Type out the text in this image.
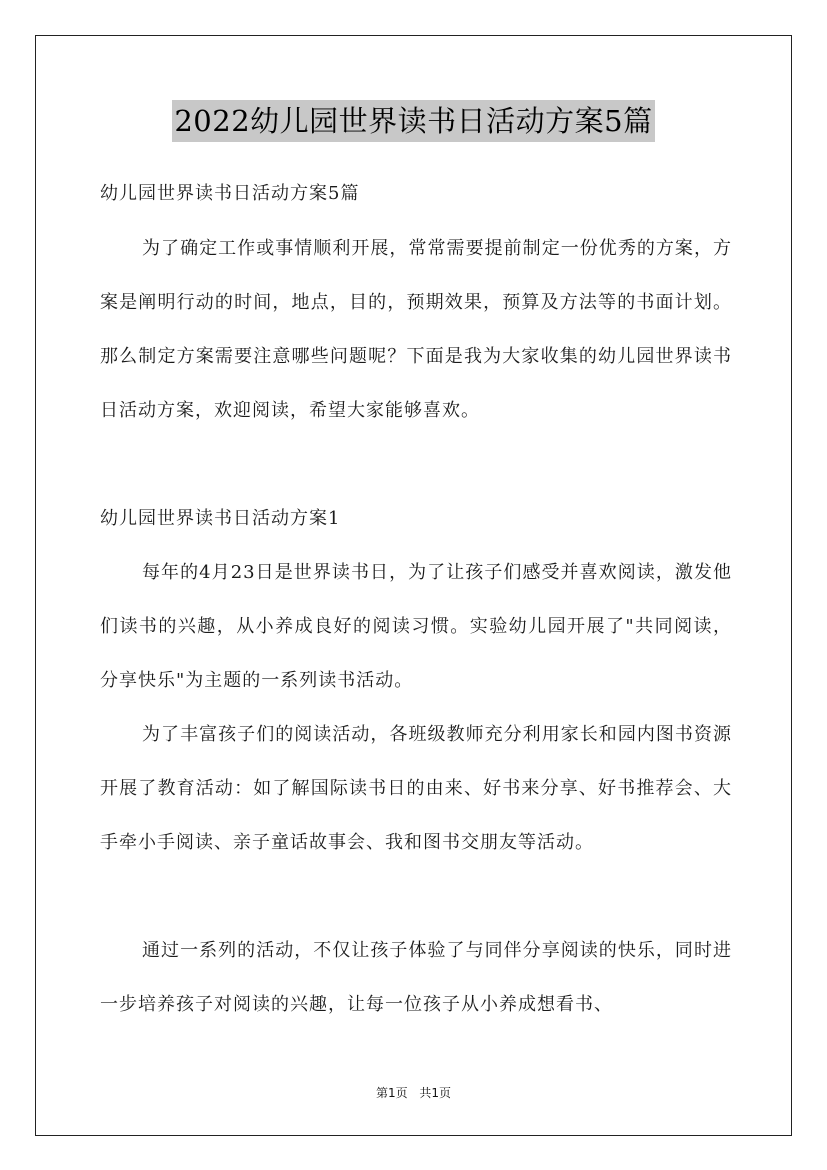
2022幼儿园世界读书日活动方案5篇

幼儿园世界读书日活动方案5篇

为了确定工作或事情顺利开展，常常需要提前制定一份优秀的方案，方案是阐明行动的时间，地点，目的，预期效果，预算及方法等的书面计划。那么制定方案需要注意哪些问题呢？下面是我为大家收集的幼儿园世界读书日活动方案，欢迎阅读，希望大家能够喜欢。

幼儿园世界读书日活动方案1

每年的4月23日是世界读书日，为了让孩子们感受并喜欢阅读，激发他们读书的兴趣，从小养成良好的阅读习惯。实验幼儿园开展了"共同阅读，分享快乐"为主题的一系列读书活动。

为了丰富孩子们的阅读活动，各班级教师充分利用家长和园内图书资源开展了教育活动：如了解国际读书日的由来、好书来分享、好书推荐会、大手牵小手阅读、亲子童话故事会、我和图书交朋友等活动。

通过一系列的活动，不仅让孩子体验了与同伴分享阅读的快乐，同时进一步培养孩子对阅读的兴趣，让每一位孩子从小养成想看书、

第1页 共1页
